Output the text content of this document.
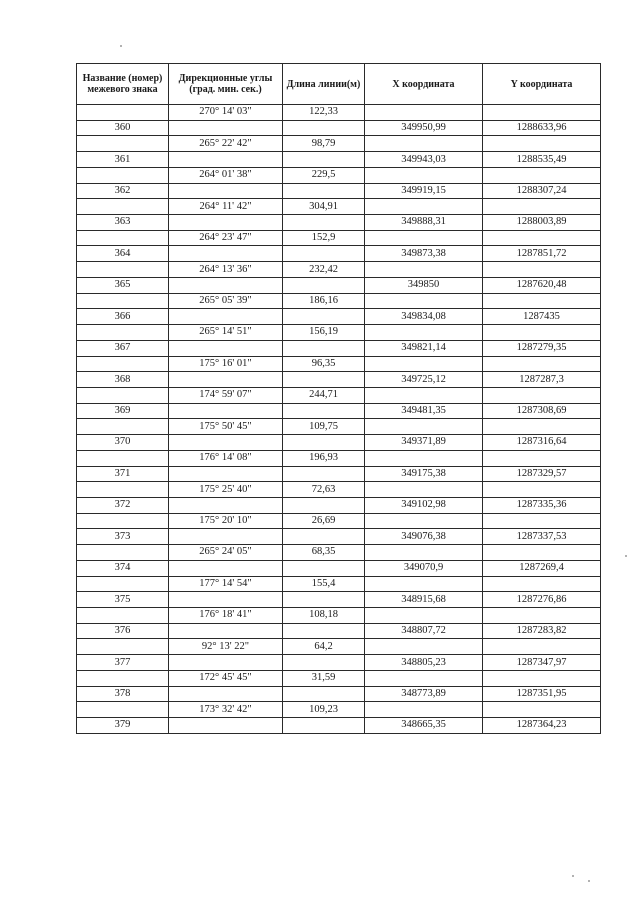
Название (номер) межевого знака	Дирекционные углы (град. мин. сек.)	Длина линии(м)	X координата	Y координата
	270° 14' 03"	122,33		
360			349950,99	1288633,96
	265° 22' 42"	98,79		
361			349943,03	1288535,49
	264° 01' 38"	229,5		
362			349919,15	1288307,24
	264° 11' 42"	304,91		
363			349888,31	1288003,89
	264° 23' 47"	152,9		
364			349873,38	1287851,72
	264° 13' 36"	232,42		
365			349850	1287620,48
	265° 05' 39"	186,16		
366			349834,08	1287435
	265° 14' 51"	156,19		
367			349821,14	1287279,35
	175° 16' 01"	96,35		
368			349725,12	1287287,3
	174° 59' 07"	244,71		
369			349481,35	1287308,69
	175° 50' 45"	109,75		
370			349371,89	1287316,64
	176° 14' 08"	196,93		
371			349175,38	1287329,57
	175° 25' 40"	72,63		
372			349102,98	1287335,36
	175° 20' 10"	26,69		
373			349076,38	1287337,53
	265° 24' 05"	68,35		
374			349070,9	1287269,4
	177° 14' 54"	155,4		
375			348915,68	1287276,86
	176° 18' 41"	108,18		
376			348807,72	1287283,82
	92° 13' 22"	64,2		
377			348805,23	1287347,97
	172° 45' 45"	31,59		
378			348773,89	1287351,95
	173° 32' 42"	109,23		
379			348665,35	1287364,23
